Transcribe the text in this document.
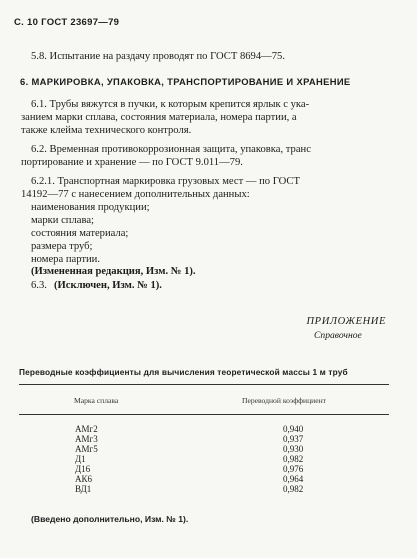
С. 10 ГОСТ 23697—79
5.8. Испытание на раздачу проводят по ГОСТ 8694—75.
6. МАРКИРОВКА, УПАКОВКА, ТРАНСПОРТИРОВАНИЕ И ХРАНЕНИЕ
6.1. Трубы вяжутся в пучки, к которым крепится ярлык с ука-
занием марки сплава, состояния материала, номера партии, а
также клейма технического контроля.
6.2. Временная противокоррозионная защита, упаковка, транс
портирование и хранение — по ГОСТ 9.011—79.
6.2.1. Транспортная маркировка грузовых мест — по ГОСТ
14192—77 с нанесением дополнительных данных:
наименования продукции;
марки сплава;
состояния материала;
размера труб;
номера партии.
(Измененная редакция, Изм. № 1).
6.3. (Исключен, Изм. № 1).
ПРИЛОЖЕНИЕ
Справочное
Переводные коэффициенты для вычисления теоретической массы 1 м труб
Марка сплава	Переводной коэффициент
АМг2	0,940
АМг3	0,937
АМг5	0,930
Д1	0,982
Д16	0,976
АК6	0,964
ВД1	0,982
(Введено дополнительно, Изм. № 1).
